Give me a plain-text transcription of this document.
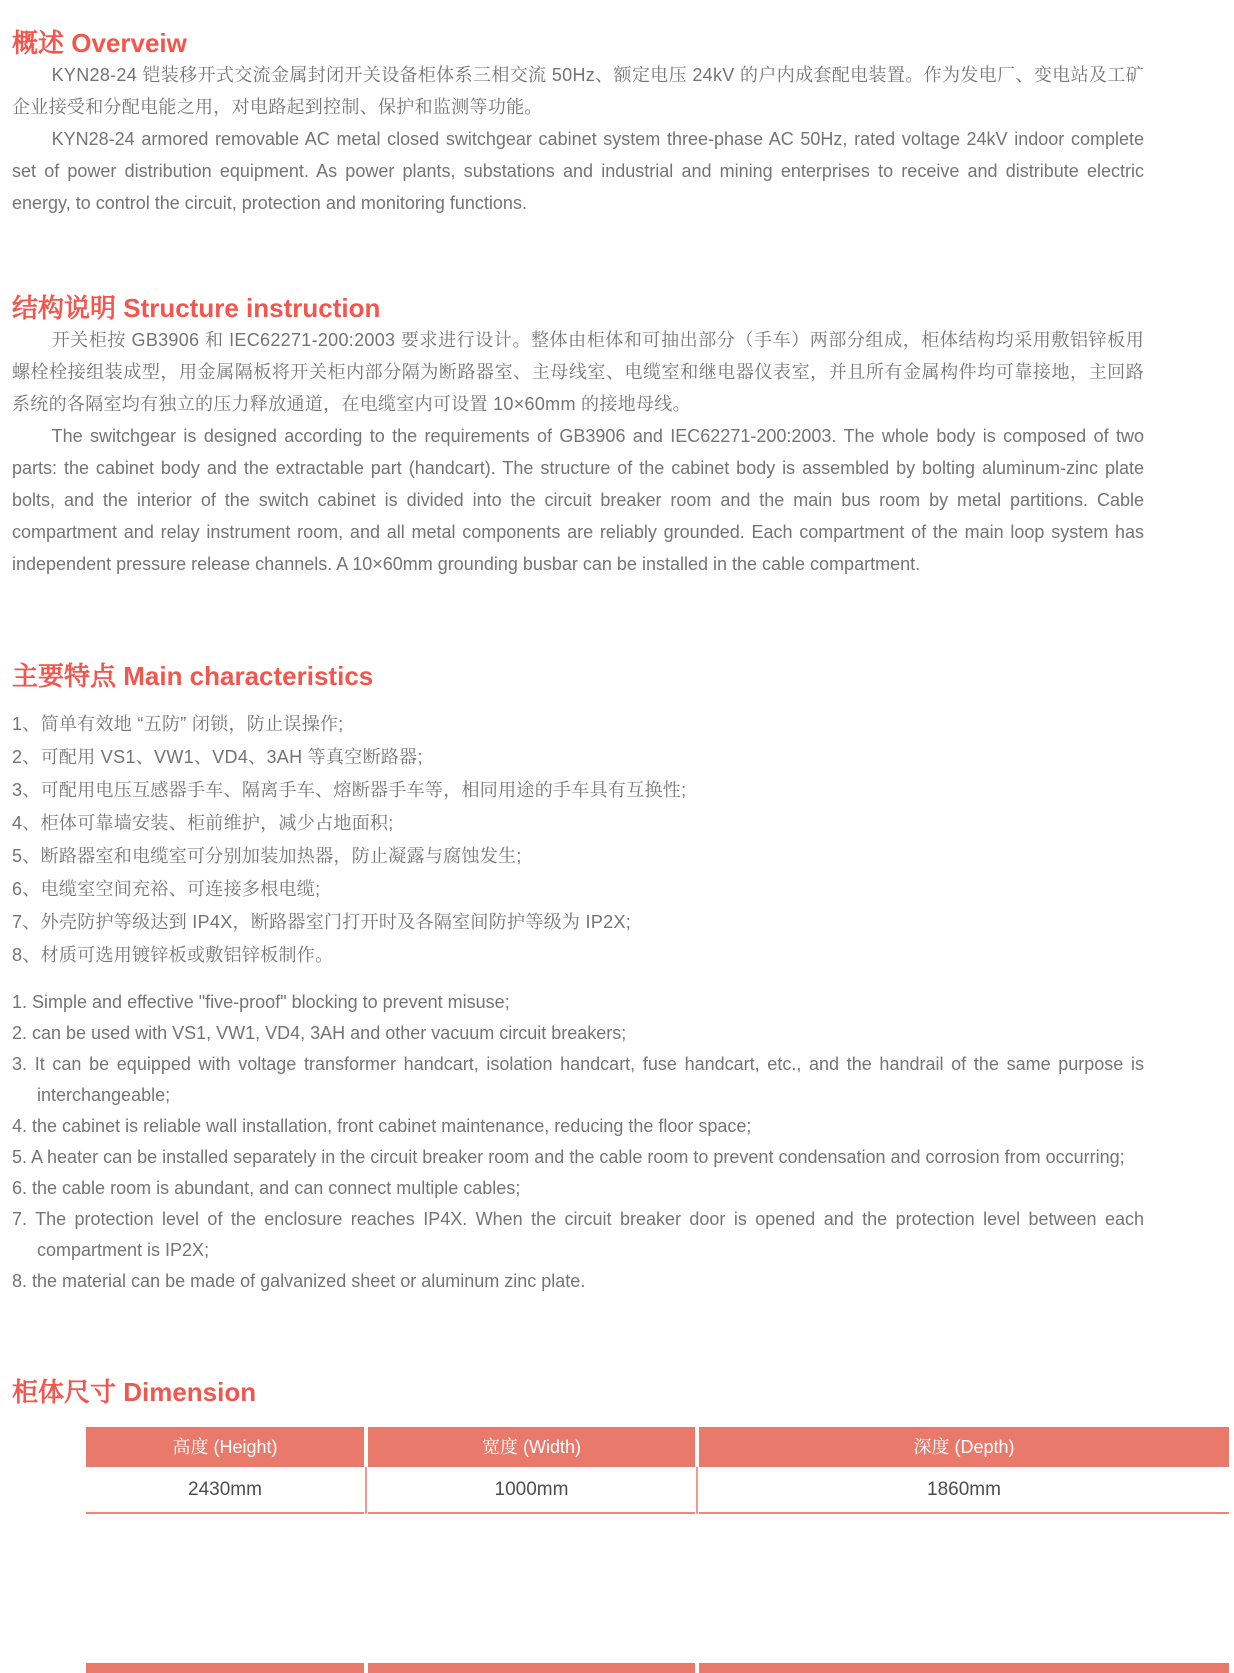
概述 Overveiw

KYN28-24 铠装移开式交流金属封闭开关设备柜体系三相交流 50Hz、额定电压 24kV 的户内成套配电装置。作为发电厂、变电站及工矿企业接受和分配电能之用，对电路起到控制、保护和监测等功能。

KYN28-24 armored removable AC metal closed switchgear cabinet system three-phase AC 50Hz, rated voltage 24kV indoor complete set of power distribution equipment. As power plants, substations and industrial and mining enterprises to receive and distribute electric energy, to control the circuit, protection and monitoring functions.

结构说明 Structure instruction

开关柜按 GB3906 和 IEC62271-200:2003 要求进行设计。整体由柜体和可抽出部分（手车）两部分组成，柜体结构均采用敷铝锌板用螺栓栓接组装成型，用金属隔板将开关柜内部分隔为断路器室、主母线室、电缆室和继电器仪表室，并且所有金属构件均可靠接地，主回路系统的各隔室均有独立的压力释放通道，在电缆室内可设置 10×60mm 的接地母线。

The switchgear is designed according to the requirements of GB3906 and IEC62271-200:2003. The whole body is composed of two parts: the cabinet body and the extractable part (handcart). The structure of the cabinet body is assembled by bolting aluminum-zinc plate bolts, and the interior of the switch cabinet is divided into the circuit breaker room and the main bus room by metal partitions. Cable compartment and relay instrument room, and all metal components are reliably grounded. Each compartment of the main loop system has independent pressure release channels. A 10×60mm grounding busbar can be installed in the cable compartment.

主要特点 Main characteristics
1、简单有效地 “五防” 闭锁，防止误操作;
2、可配用 VS1、VW1、VD4、3AH 等真空断路器;
3、可配用电压互感器手车、隔离手车、熔断器手车等，相同用途的手车具有互换性;
4、柜体可靠墙安装、柜前维护，减少占地面积;
5、断路器室和电缆室可分别加装加热器，防止凝露与腐蚀发生;
6、电缆室空间充裕、可连接多根电缆;
7、外壳防护等级达到 IP4X，断路器室门打开时及各隔室间防护等级为 IP2X;
8、材质可选用镀锌板或敷铝锌板制作。
1. Simple and effective "five-proof" blocking to prevent misuse;
2. can be used with VS1, VW1, VD4, 3AH and other vacuum circuit breakers;
3. It can be equipped with voltage transformer handcart, isolation handcart, fuse handcart, etc., and the handrail of the same purpose is interchangeable;
4. the cabinet is reliable wall installation, front cabinet maintenance, reducing the floor space;
5. A heater can be installed separately in the circuit breaker room and the cable room to prevent condensation and corrosion from occurring;
6. the cable room is abundant, and can connect multiple cables;
7. The protection level of the enclosure reaches IP4X. When the circuit breaker door is opened and the protection level between each compartment is IP2X;
8. the material can be made of galvanized sheet or aluminum zinc plate.
柜体尺寸 Dimension
高度 (Height)
2430mm
宽度 (Width)
1000mm
深度 (Depth)
1860mm
